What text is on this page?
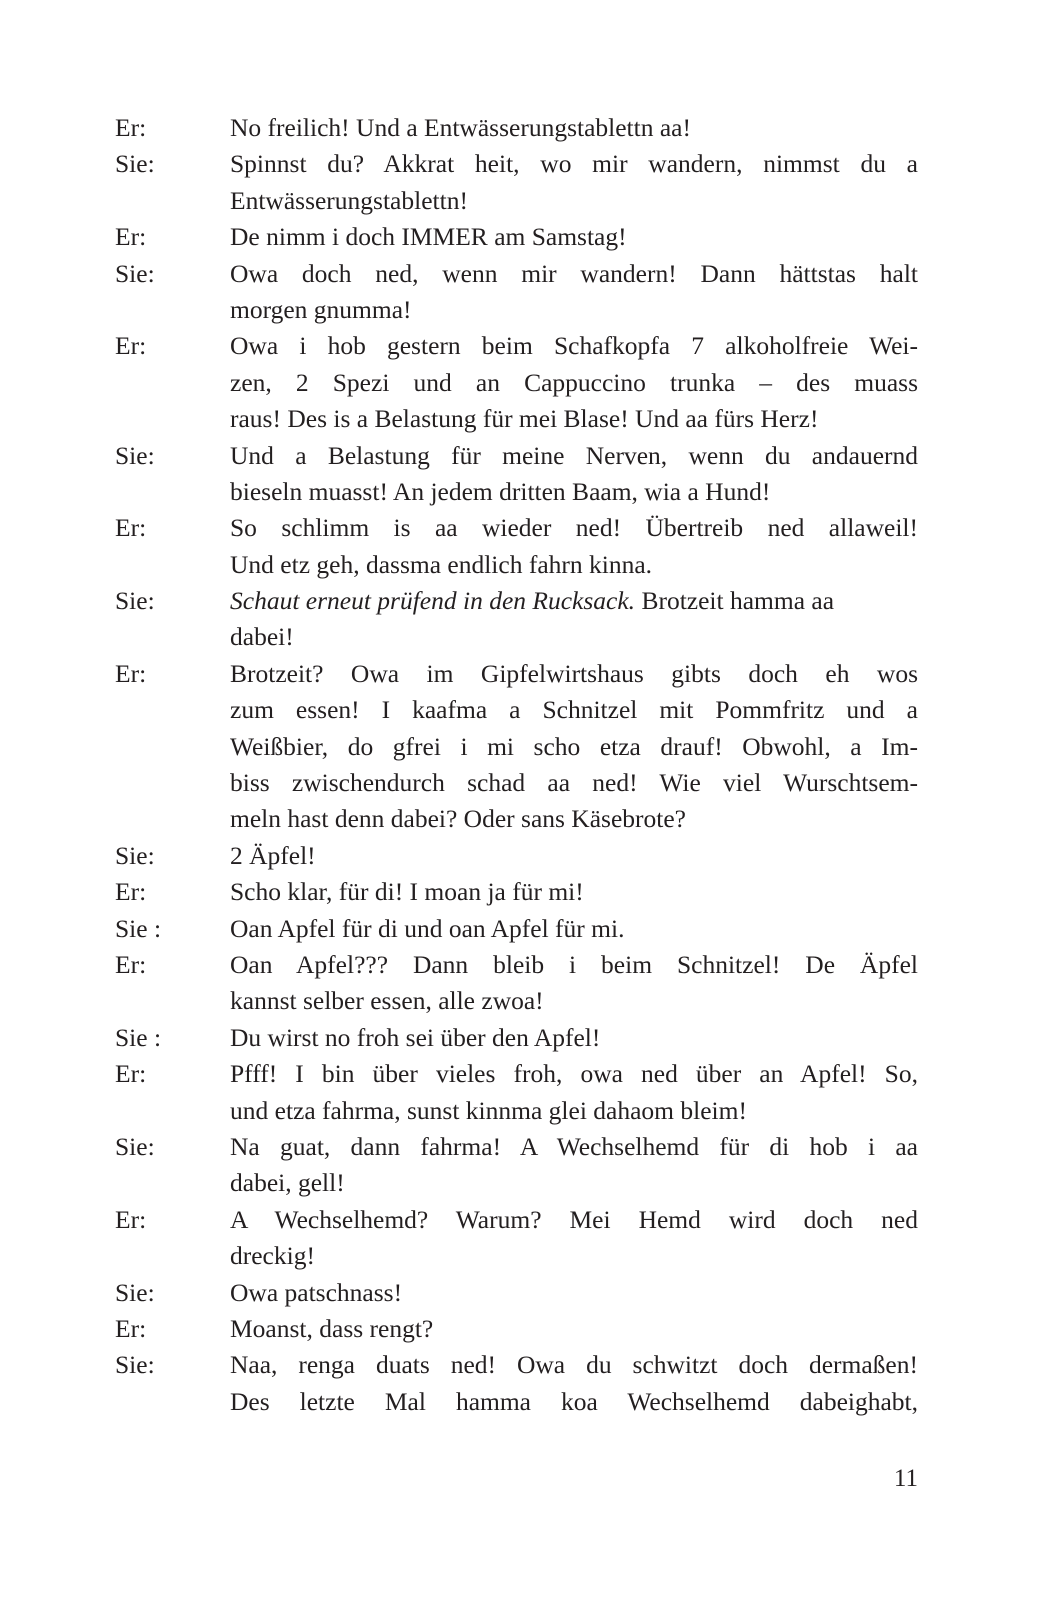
Er:	No freilich! Und a Entwässerungstablettn aa!
Sie:	Spinnst du? Akkrat heit, wo mir wandern, nimmst du a
Entwässerungstablettn!
Er:	De nimm i doch IMMER am Samstag!
Sie:	Owa doch ned, wenn mir wandern! Dann hättstas halt
morgen gnumma!
Er:	Owa i hob gestern beim Schafkopfa 7 alkoholfreie Wei-
zen, 2 Spezi und an Cappuccino trunka – des muass
raus! Des is a Belastung für mei Blase! Und aa fürs Herz!
Sie:	Und a Belastung für meine Nerven, wenn du andauernd
bieseln muasst! An jedem dritten Baam, wia a Hund!
Er:	So schlimm is aa wieder ned! Übertreib ned allaweil!
Und etz geh, dassma endlich fahrn kinna.
Sie:	Schaut erneut prüfend in den Rucksack. Brotzeit hamma aa
dabei!
Er:	Brotzeit? Owa im Gipfelwirtshaus gibts doch eh wos
zum essen! I kaafma a Schnitzel mit Pommfritz und a
Weißbier, do gfrei i mi scho etza drauf! Obwohl, a Im-
biss zwischendurch schad aa ned! Wie viel Wurschtsem-
meln hast denn dabei? Oder sans Käsebrote?
Sie:	2 Äpfel!
Er:	Scho klar, für di! I moan ja für mi!
Sie :	Oan Apfel für di und oan Apfel für mi.
Er:	Oan Apfel??? Dann bleib i beim Schnitzel! De Äpfel
kannst selber essen, alle zwoa!
Sie :	Du wirst no froh sei über den Apfel!
Er:	Pfff! I bin über vieles froh, owa ned über an Apfel! So,
und etza fahrma, sunst kinnma glei dahaom bleim!
Sie:	Na guat, dann fahrma! A Wechselhemd für di hob i aa
dabei, gell!
Er:	A Wechselhemd? Warum? Mei Hemd wird doch ned
dreckig!
Sie:	Owa patschnass!
Er:	Moanst, dass rengt?
Sie:	Naa, renga duats ned! Owa du schwitzt doch dermaßen!
Des letzte Mal hamma koa Wechselhemd dabeighabt,
11
